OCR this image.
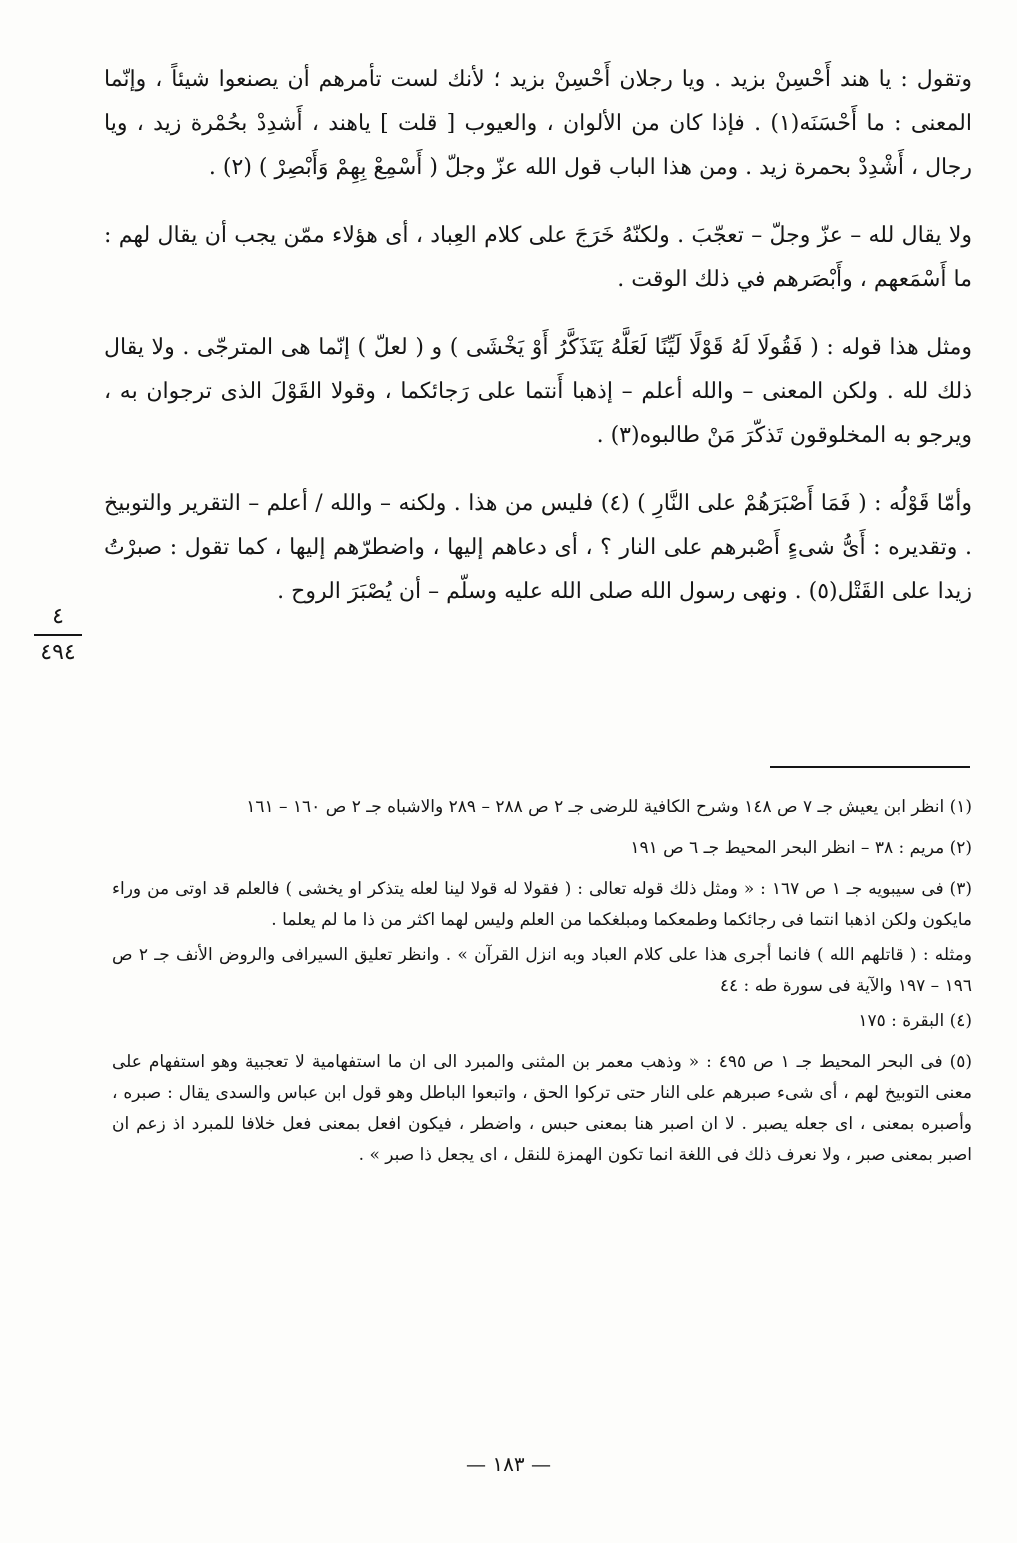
وتقول : يا هند أَحْسِنْ بزيد . ويا رجلان أَحْسِنْ بزيد ؛ لأنك لست تأمرهم أن يصنعوا شيئاً ، وإنّما المعنى : ما أَحْسَنَه(١) . فإذا كان من الألوان ، والعيوب [ قلت ] ياهند ، أَشدِدْ بحُمْرة زيد ، ويا رجال ، أَشْدِدْ بحمرة زيد . ومن هذا الباب قول الله عزّ وجلّ ( أَسْمِعْ بِهِمْ وَأَبْصِرْ ) (٢) .

ولا يقال لله – عزّ وجلّ – تعجّبَ . ولكنّهُ خَرَجَ على كلام العِباد ، أى هؤلاء ممّن يجب أن يقال لهم : ما أَسْمَعهم ، وأَبْصَرهم في ذلك الوقت .

ومثل هذا قوله : ( فَقُولَا لَهُ قَوْلًا لَيِّنًا لَعَلَّهُ يَتَذَكَّرُ أَوْ يَخْشَى ) و ( لعلّ ) إنّما هى المترجّى . ولا يقال ذلك لله . ولكن المعنى – والله أعلم – إذهبا أَنتما على رَجائكما ، وقولا القَوْلَ الذى ترجوان به ، ويرجو به المخلوقون تَذكّرَ مَنْ طالبوه(٣) .

وأمّا قَوْلُه : ( فَمَا أَصْبَرَهُمْ على النَّارِ ) (٤) فليس من هذا . ولكنه – والله / أعلم – التقرير والتوبيخ . وتقديره : أَىُّ شىءٍ أَصْبرهم على النار ؟ ، أى دعاهم إليها ، واضطرّهم إليها ، كما تقول : صبرْتُ زيدا على القَتْل(٥) . ونهى رسول الله صلى الله عليه وسلّم – أن يُصْبَرَ الروح .

٤
٤٩٤

(١) انظر ابن يعيش جـ ٧ ص ١٤٨ وشرح الكافية للرضى جـ ٢ ص ٢٨٨ – ٢٨٩ والاشباه جـ ٢ ص ١٦٠ – ١٦١

(٢) مريم : ٣٨ – انظر البحر المحيط جـ ٦ ص ١٩١

(٣) فى سيبويه جـ ١ ص ١٦٧ : « ومثل ذلك قوله تعالى : ( فقولا له قولا لينا لعله يتذكر او يخشى ) فالعلم قد اوتى من وراء مايكون ولكن اذهبا انتما فى رجائكما وطمعكما ومبلغكما من العلم وليس لهما اكثر من ذا ما لم يعلما .

ومثله : ( قاتلهم الله ) فانما أجرى هذا على كلام العباد وبه انزل القرآن » . وانظر تعليق السيرافى والروض الأنف جـ ٢ ص ١٩٦ – ١٩٧ والآية فى سورة طه : ٤٤

(٤) البقرة : ١٧٥

(٥) فى البحر المحيط جـ ١ ص ٤٩٥ : « وذهب معمر بن المثنى والمبرد الى ان ما استفهامية لا تعجبية وهو استفهام على معنى التوبيخ لهم ، أى شىء صبرهم على النار حتى تركوا الحق ، واتبعوا الباطل وهو قول ابن عباس والسدى يقال : صبره ، وأصبره بمعنى ، اى جعله يصبر . لا ان اصبر هنا بمعنى حبس ، واضطر ، فيكون افعل بمعنى فعل خلافا للمبرد اذ زعم ان اصبر بمعنى صبر ، ولا نعرف ذلك فى اللغة انما تكون الهمزة للنقل ، اى يجعل ذا صبر » .

— ١٨٣ —
